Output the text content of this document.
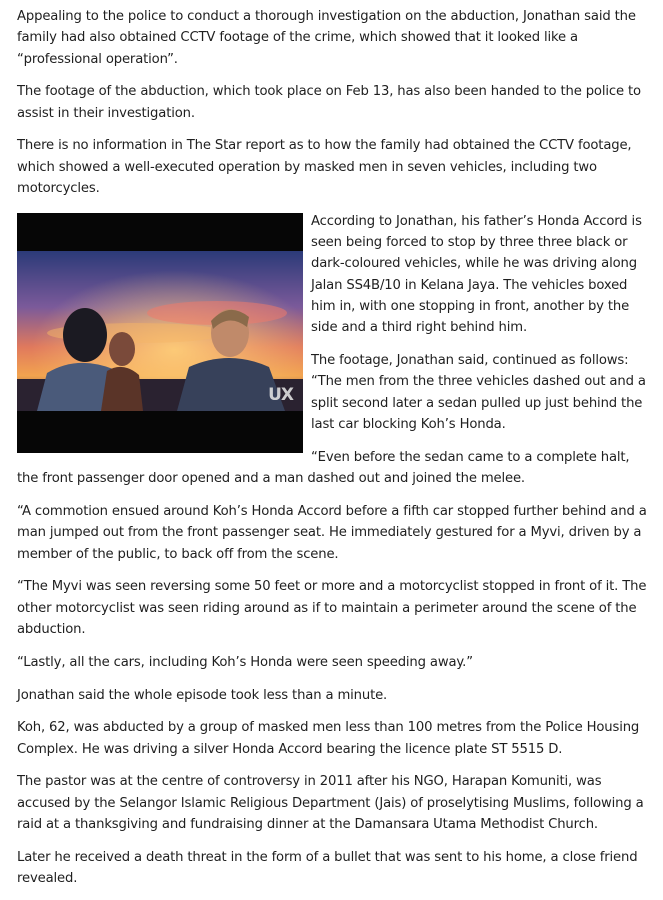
Appealing to the police to conduct a thorough investigation on the abduction, Jonathan said the family had also obtained CCTV footage of the crime, which showed that it looked like a “professional operation”.

The footage of the abduction, which took place on Feb 13, has also been handed to the police to assist in their investigation.

There is no information in The Star report as to how the family had obtained the CCTV footage, which showed a well-executed operation by masked men in seven vehicles, including two motorcycles.

UX

According to Jonathan, his father’s Honda Accord is seen being forced to stop by three three black or dark-coloured vehicles, while he was driving along Jalan SS4B/10 in Kelana Jaya. The vehicles boxed him in, with one stopping in front, another by the side and a third right behind him.

The footage, Jonathan said, continued as follows: “The men from the three vehicles dashed out and a split second later a sedan pulled up just behind the last car blocking Koh’s Honda.

“Even before the sedan came to a complete halt, the front passenger door opened and a man dashed out and joined the melee.

“A commotion ensued around Koh’s Honda Accord before a fifth car stopped further behind and a man jumped out from the front passenger seat. He immediately gestured for a Myvi, driven by a member of the public, to back off from the scene.

“The Myvi was seen reversing some 50 feet or more and a motorcyclist stopped in front of it. The other motorcyclist was seen riding around as if to maintain a perimeter around the scene of the abduction.

“Lastly, all the cars, including Koh’s Honda were seen speeding away.”

Jonathan said the whole episode took less than a minute.

Koh, 62, was abducted by a group of masked men less than 100 metres from the Police Housing Complex. He was driving a silver Honda Accord bearing the licence plate ST 5515 D.

The pastor was at the centre of controversy in 2011 after his NGO, Harapan Komuniti, was accused by the Selangor Islamic Religious Department (Jais) of proselytising Muslims, following a raid at a thanksgiving and fundraising dinner at the Damansara Utama Methodist Church.

Later he received a death threat in the form of a bullet that was sent to his home, a close friend revealed.
